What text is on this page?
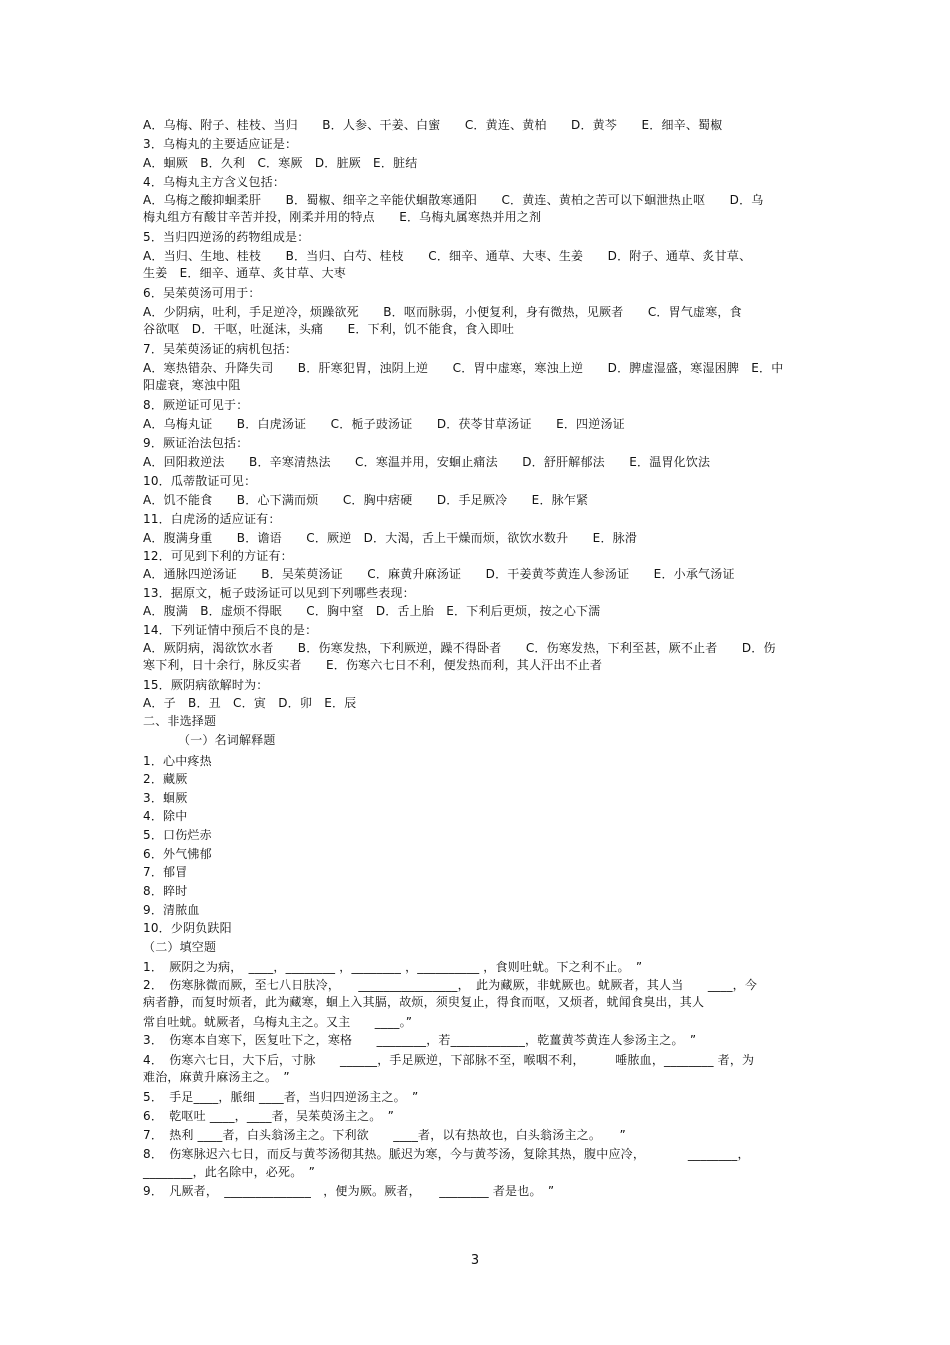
A．乌梅、附子、桂枝、当归　　B．人参、干姜、白蜜　　C．黄连、黄柏　　D．黄芩　　E．细辛、蜀椒
3．乌梅丸的主要适应证是：
A．蛔厥　B．久利　C．寒厥　D．脏厥　E．脏结
4．乌梅丸主方含义包括：
A．乌梅之酸抑蛔柔肝　　B．蜀椒、细辛之辛能伏蛔散寒通阳　　C．黄连、黄柏之苦可以下蛔泄热止呕　　D．乌
梅丸组方有酸甘辛苦并投，刚柔并用的特点　　E．乌梅丸属寒热并用之剂
5．当归四逆汤的药物组成是：
A．当归、生地、桂枝　　B．当归、白芍、桂枝　　C．细辛、通草、大枣、生姜　　D．附子、通草、炙甘草、
生姜　E．细辛、通草、炙甘草、大枣
6．吴茱萸汤可用于：
A．少阴病，吐利，手足逆冷，烦躁欲死　　B．呕而脉弱，小便复利，身有微热，见厥者　　C．胃气虚寒，食
谷欲呕　D．干呕，吐涎沫，头痛　　E．下利，饥不能食，食入即吐
7．吴茱萸汤证的病机包括：
A．寒热错杂、升降失司　　B．肝寒犯胃，浊阴上逆　　C．胃中虚寒，寒浊上逆　　D．脾虚湿盛，寒湿困脾　E．中
阳虚衰，寒浊中阻
8．厥逆证可见于：
A．乌梅丸证　　B．白虎汤证　　C．栀子豉汤证　　D．茯苓甘草汤证　　E．四逆汤证
9．厥证治法包括：
A．回阳救逆法　　B．辛寒清热法　　C．寒温并用，安蛔止痛法　　D．舒肝解郁法　　E．温胃化饮法
10．瓜蒂散证可见：
A．饥不能食　　B．心下满而烦　　C．胸中痞硬　　D．手足厥冷　　E．脉乍紧
11．白虎汤的适应证有：
A．腹满身重　　B．谵语　　C．厥逆　D．大渴，舌上干燥而烦，欲饮水数升　　E．脉滑
12．可见到下利的方证有：
A．通脉四逆汤证　　B．吴茱萸汤证　　C．麻黄升麻汤证　　D．干姜黄芩黄连人参汤证　　E．小承气汤证
13．据原文，栀子豉汤证可以见到下列哪些表现：
A．腹满　B．虚烦不得眠　　C．胸中窒　D．舌上胎　E．下利后更烦，按之心下濡
14．下列证情中预后不良的是：
A．厥阴病，渴欲饮水者　　B．伤寒发热，下利厥逆，躁不得卧者　　C．伤寒发热，下利至甚，厥不止者　　D．伤
寒下利，日十余行，脉反实者　　E．伤寒六七日不利，便发热而利，其人汗出不止者
15．厥阴病欲解时为：
A．子　B．丑　C．寅　D．卯　E．辰
二、非选择题
（一）名词解释题
1．心中疼热
2．藏厥
3．蛔厥
4．除中
5．口伤烂赤
6．外气怫郁
7．郁冒
8．睟时
9．清脓血
10．少阴负趺阳
（二）填空题
1．　厥阴之为病，　____，________ ，________ ，__________ ，食则吐蚘。下之利不止。　”
2．　伤寒脉微而厥，至七八日肤冷，　　________________，　此为藏厥，非蚘厥也。蚘厥者，其人当　　____，今
病者静，而复时烦者，此为藏寒，蛔上入其膈，故烦，须臾复止，得食而呕，又烦者，蚘闻食臭出，其人
常自吐蚘。蚘厥者，乌梅丸主之。又主　　____。”
3．　伤寒本自寒下，医复吐下之，寒格　　________，若____________，乾薑黄芩黄连人参汤主之。　”
4．　伤寒六七日，大下后，寸脉　　______，手足厥逆，下部脉不至，喉咽不利，　　　唾脓血，________ 者，为
难治，麻黄升麻汤主之。　”
5．　手足____，脈细 ____者，当归四逆汤主之。　”
6．　乾呕吐 ____，____者，吴茱萸汤主之。　”
7．　热利 ____者，白头翁汤主之。下利欲　　____者，以有热故也，白头翁汤主之。　　”
8．　伤寒脉迟六七日，而反与黄芩汤彻其热。脈迟为寒，今与黄芩汤，复除其热，腹中应冷，　　　　________，
________，此名除中，必死。　”
9．　凡厥者，　______________　，便为厥。厥者，　　________ 者是也。　”
3
